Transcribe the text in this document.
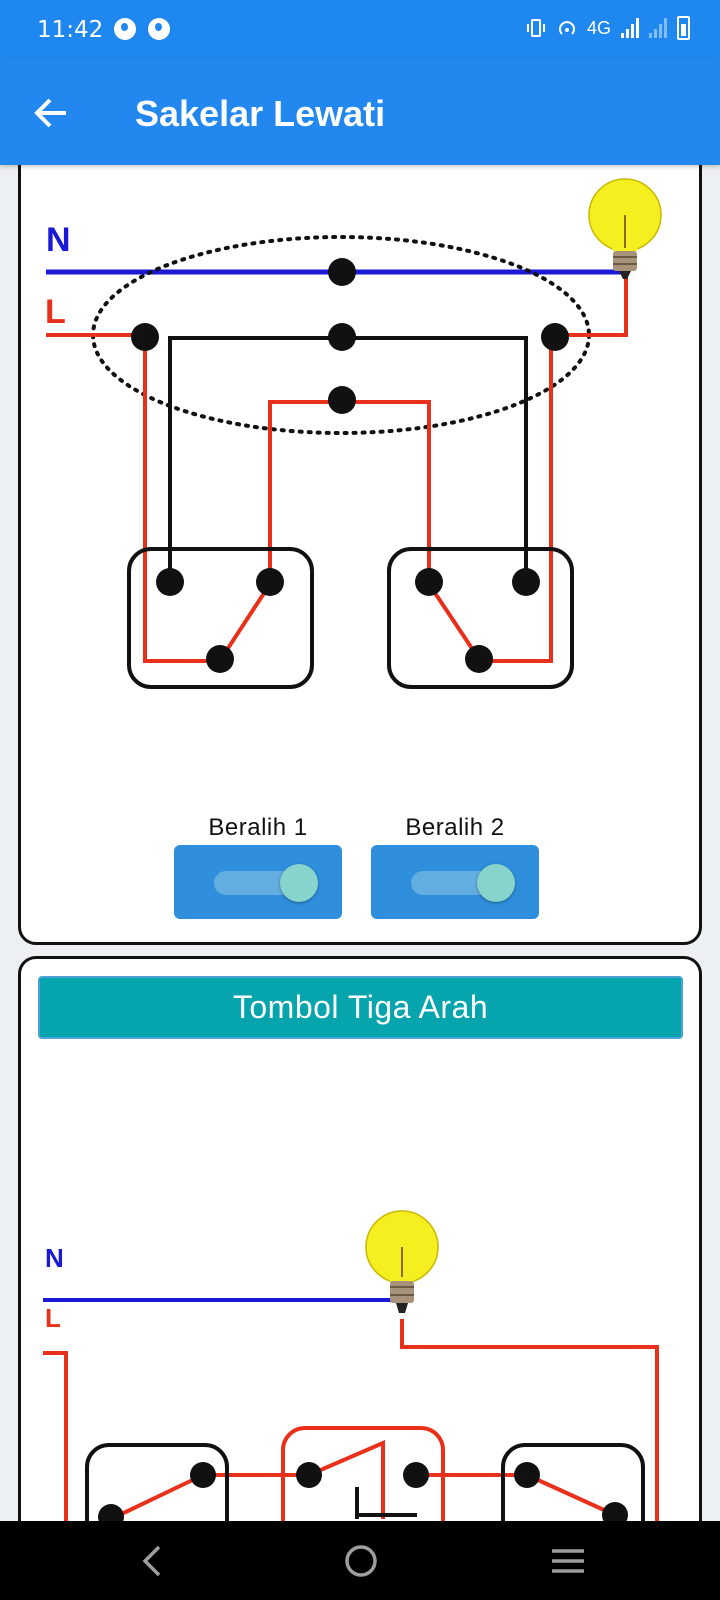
11:42	4G
Sakelar Lewati
N
L
Beralih 1	Beralih 2
Tombol Tiga Arah
N
L
